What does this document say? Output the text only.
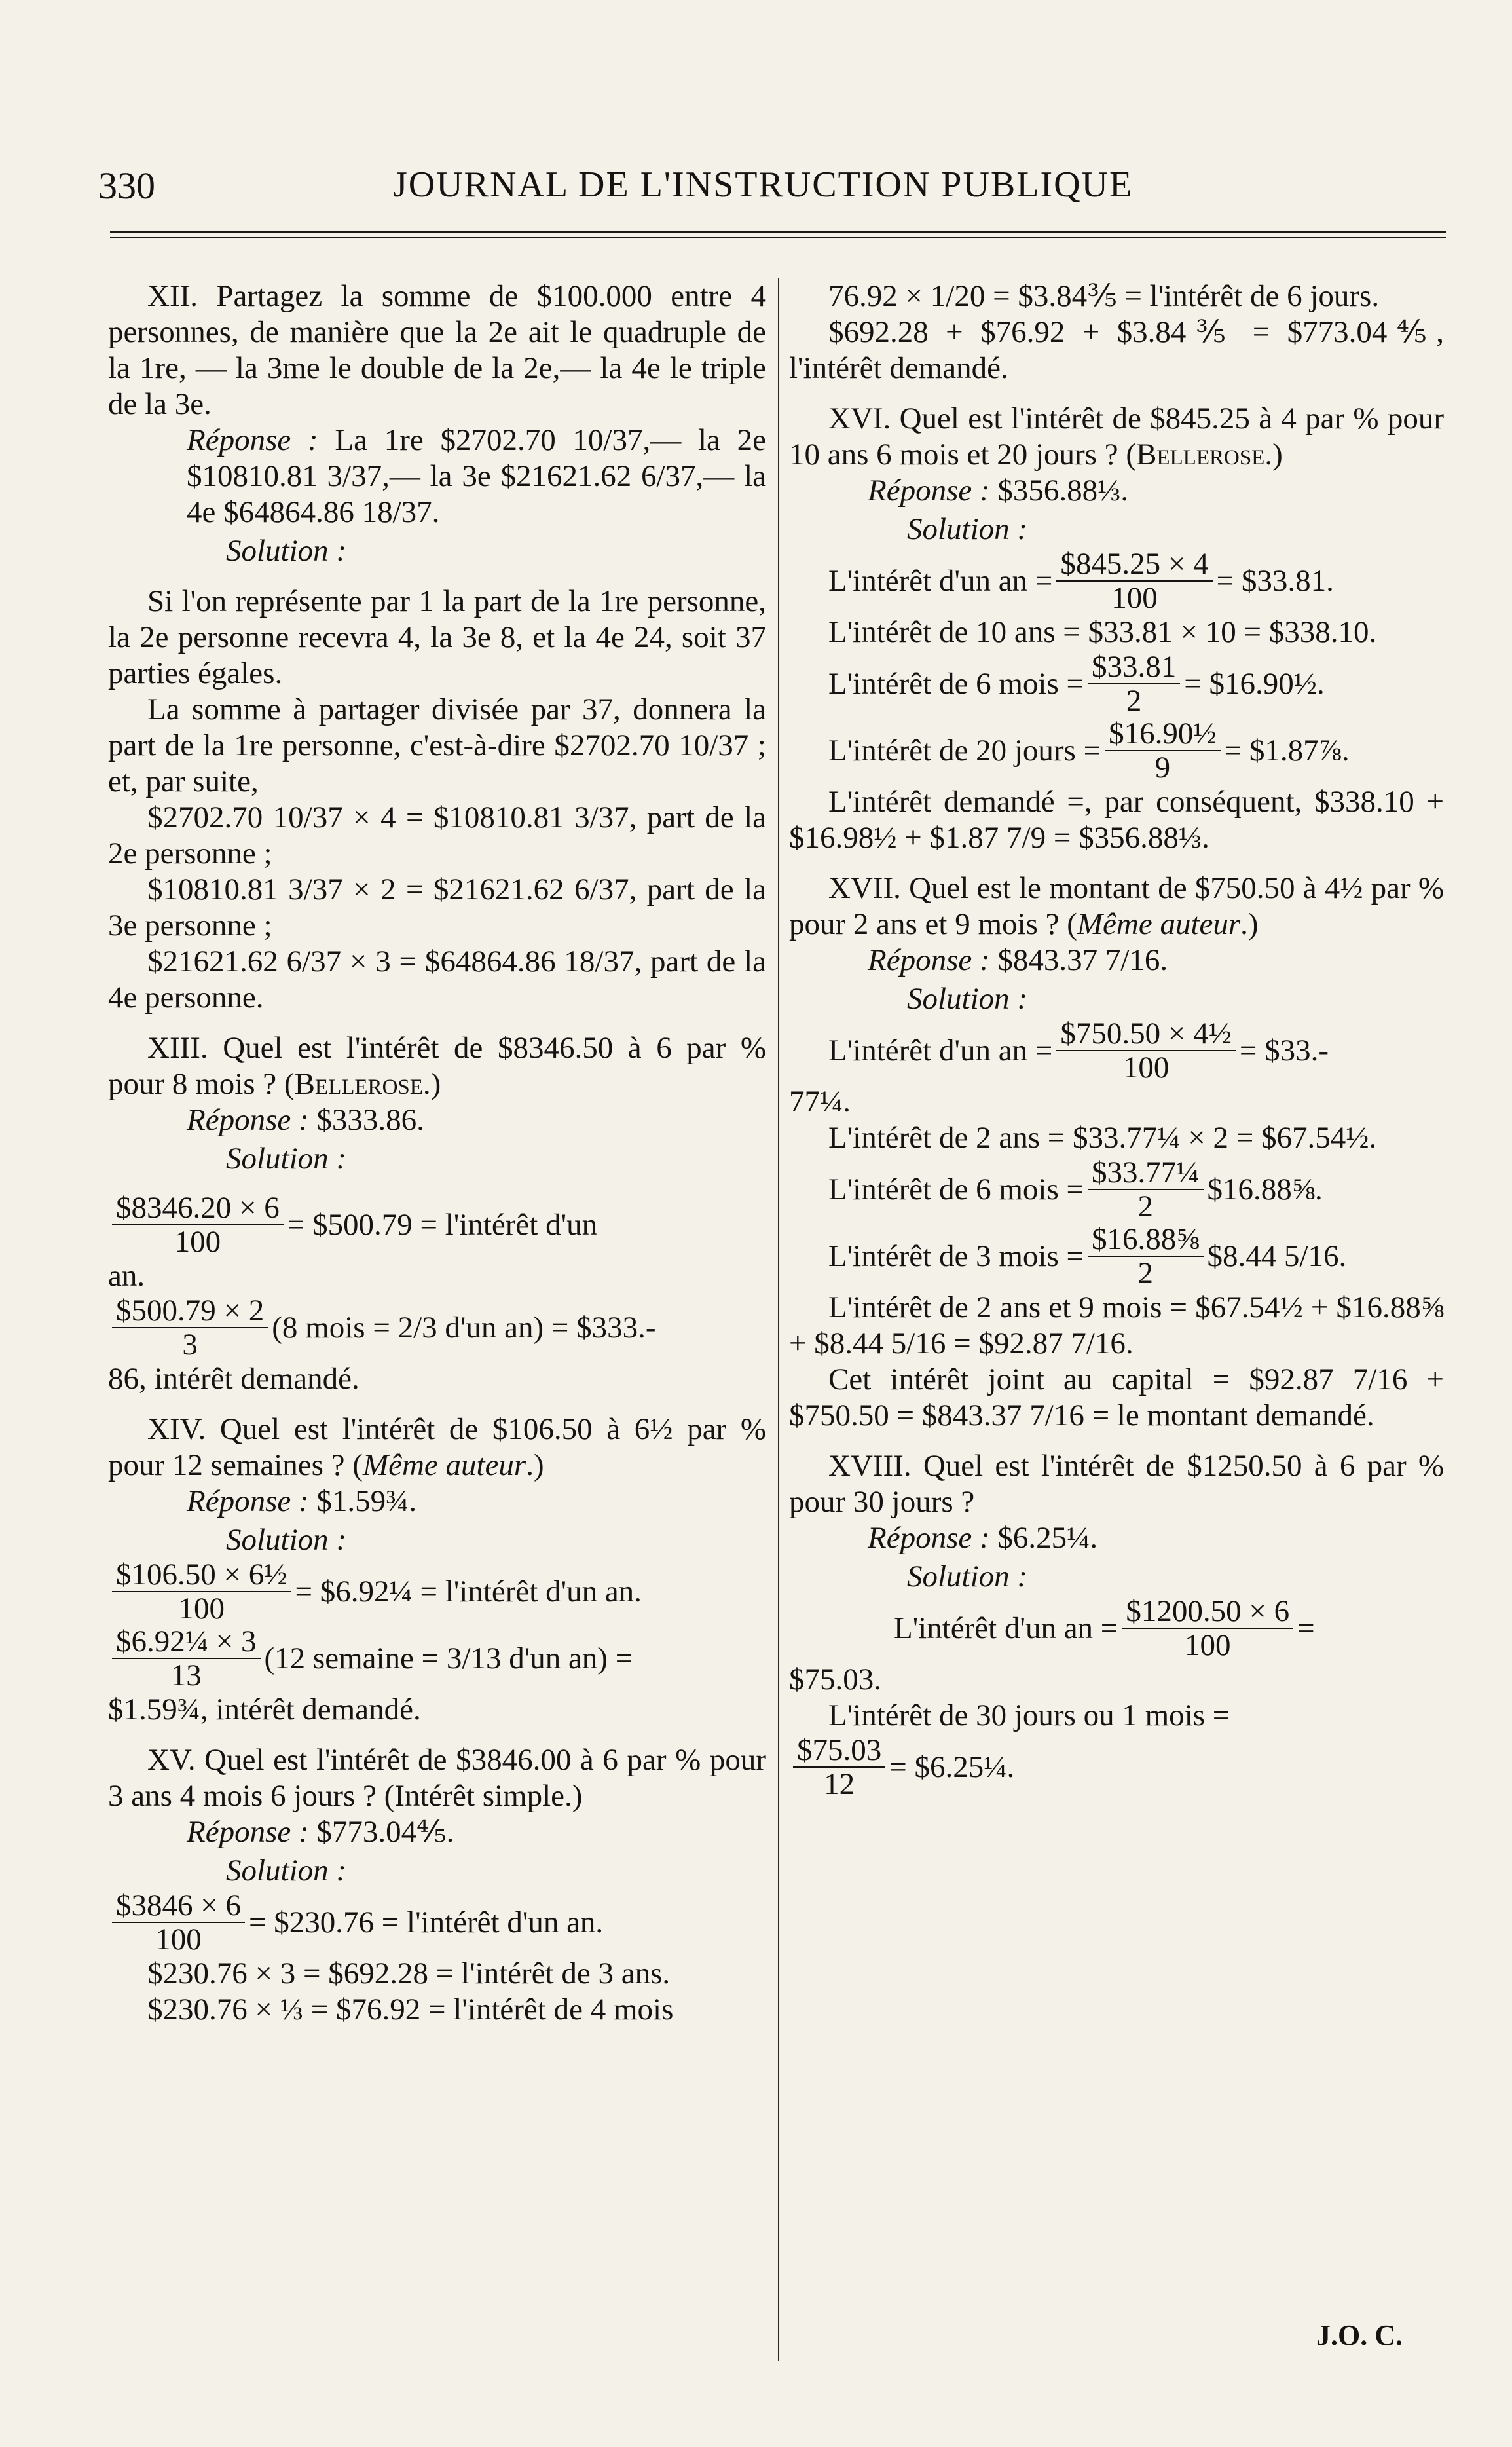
330	JOURNAL DE L'INSTRUCTION PUBLIQUE

XII. Partagez la somme de $100.000 entre 4 personnes, de manière que la 2e ait le quadruple de la 1re, — la 3me le double de la 2e,— la 4e le triple de la 3e.

Réponse : La 1re $2702.70 10/37,— la 2e $10810.81 3/37,— la 3e $21621.62 6/37,— la 4e $64864.86 18/37.

Solution :

Si l'on représente par 1 la part de la 1re personne, la 2e personne recevra 4, la 3e 8, et la 4e 24, soit 37 parties égales.

La somme à partager divisée par 37, donnera la part de la 1re personne, c'est-à-dire $2702.70 10/37 ; et, par suite,

$2702.70 10/37 × 4 = $10810.81 3/37, part de la 2e personne ;

$10810.81 3/37 × 2 = $21621.62 6/37, part de la 3e personne ;

$21621.62 6/37 × 3 = $64864.86 18/37, part de la 4e personne.

XIII. Quel est l'intérêt de $8346.50 à 6 par % pour 8 mois ? (Bellerose.)

Réponse : $333.86.

Solution :

$\frac{\$8346.20 \times 6}{100}$ = $500.79 = l'intérêt d'un

an.

$\frac{\$500.79 \times 2}{3} (8$ mois = 2/3 d'un an) = $333.-

86, intérêt demandé.

XIV. Quel est l'intérêt de $106.50 à 6½ par % pour 12 semaines ? (Même auteur.)

Réponse : $1.59¾.

Solution :

$\frac{\text{\$106.50 × 6½}}{100}$ = $6.92¼ = l'intérêt d'un an.
$\frac{\text{\$6.92¼ × 3}}{13} (12$ semaine = 3/13 d'un an) =

$1.59¾, intérêt demandé.

XV. Quel est l'intérêt de $3846.00 à 6 par % pour 3 ans 4 mois 6 jours ? (Intérêt simple.)

Réponse : $773.04⅘.

Solution :

$\frac{\$3846 \times 6}{100}$ = $230.76 = l'intérêt d'un an.

$230.76 × 3 = $692.28 = l'intérêt de 3 ans.

$230.76 × ⅓ = $76.92 = l'intérêt de 4 mois

76.92 × 1/20 = $3.84⅗ = l'intérêt de 6 jours.

$692.28 + $76.92 + $3.84⅗ = $773.04⅘, l'intérêt demandé.

XVI. Quel est l'intérêt de $845.25 à 4 par % pour 10 ans 6 mois et 20 jours ? (Bellerose.)

Réponse : $356.88⅓.

Solution :

L'intérêt d'un an = $\frac{\$845.25 \times 4}{100}$ = $33.81.

L'intérêt de 10 ans = $33.81 × 10 = $338.10.

L'intérêt de 6 mois = $\frac{\$33.81}{2}$ = $16.90½.
L'intérêt de 20 jours = $\frac{\text{\$16.90½}}{9}$ = $1.87⅞.

L'intérêt demandé =, par conséquent, $338.10 + $16.98½ + $1.87 7/9 = $356.88⅓.

XVII. Quel est le montant de $750.50 à 4½ par % pour 2 ans et 9 mois ? (Même auteur.)

Réponse : $843.37 7/16.

Solution :

L'intérêt d'un an = $\frac{\text{\$750.50 × 4½}}{100}$ = $33.-

77¼.

L'intérêt de 2 ans = $33.77¼ × 2 = $67.54½.

L'intérêt de 6 mois = $\frac{\text{\$33.77¼}}{2}$ $16.88⅝.
L'intérêt de 3 mois = $\frac{\text{\$16.88⅝}}{2}$ $8.44 5/16.

L'intérêt de 2 ans et 9 mois = $67.54½ + $16.88⅝ + $8.44 5/16 = $92.87 7/16.

Cet intérêt joint au capital = $92.87 7/16 + $750.50 = $843.37 7/16 = le montant demandé.

XVIII. Quel est l'intérêt de $1250.50 à 6 par % pour 30 jours ?

Réponse : $6.25¼.

Solution :

L'intérêt d'un an = $\frac{\$1200.50 \times 6}{100}$ =

$75.03.

L'intérêt de 30 jours ou 1 mois =

$\frac{\$75.03}{12}$ = $6.25¼.
J.O. C.
